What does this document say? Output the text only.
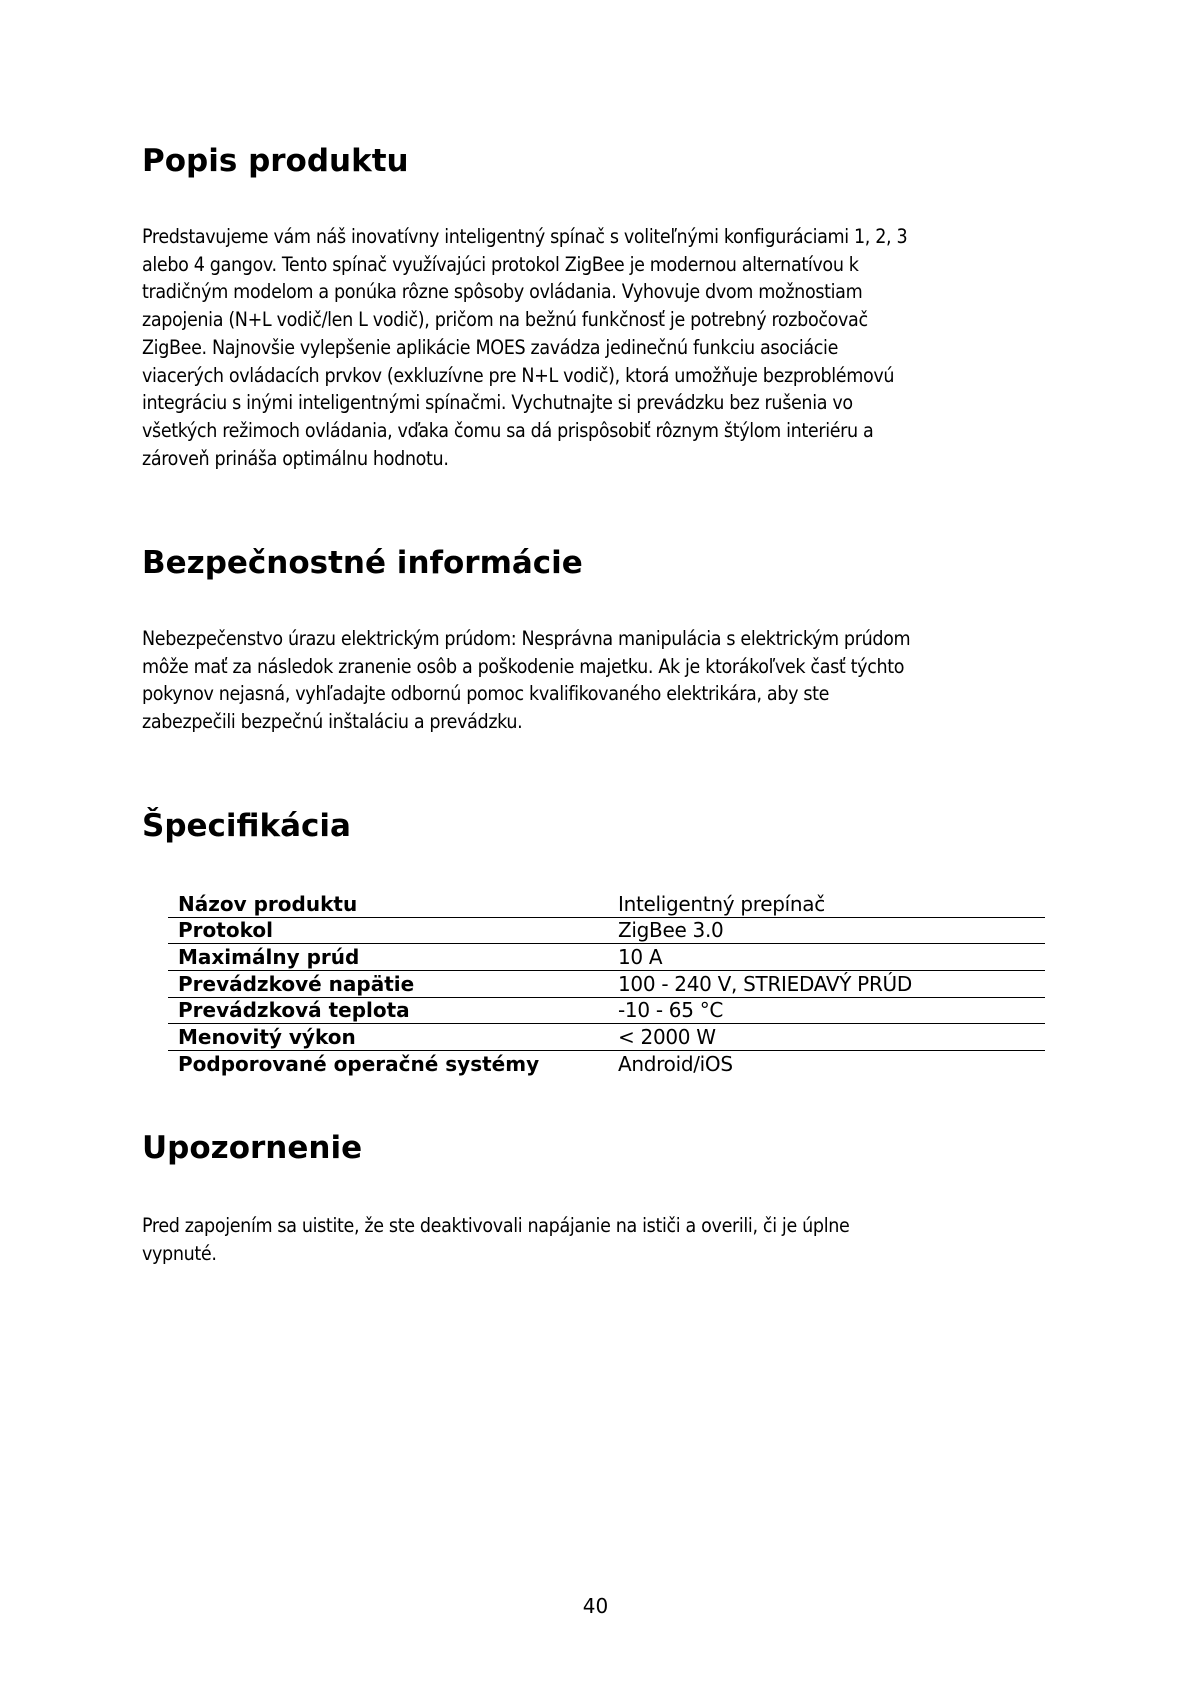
Popis produktu
Predstavujeme vám náš inovatívny inteligentný spínač s voliteľnými konfiguráciami 1, 2, 3
alebo 4 gangov. Tento spínač využívajúci protokol ZigBee je modernou alternatívou k
tradičným modelom a ponúka rôzne spôsoby ovládania. Vyhovuje dvom možnostiam
zapojenia (N+L vodič/len L vodič), pričom na bežnú funkčnosť je potrebný rozbočovač
ZigBee. Najnovšie vylepšenie aplikácie MOES zavádza jedinečnú funkciu asociácie
viacerých ovládacích prvkov (exkluzívne pre N+L vodič), ktorá umožňuje bezproblémovú
integráciu s inými inteligentnými spínačmi. Vychutnajte si prevádzku bez rušenia vo
všetkých režimoch ovládania, vďaka čomu sa dá prispôsobiť rôznym štýlom interiéru a
zároveň prináša optimálnu hodnotu.
Bezpečnostné informácie
Nebezpečenstvo úrazu elektrickým prúdom: Nesprávna manipulácia s elektrickým prúdom
môže mať za následok zranenie osôb a poškodenie majetku. Ak je ktorákoľvek časť týchto
pokynov nejasná, vyhľadajte odbornú pomoc kvalifikovaného elektrikára, aby ste
zabezpečili bezpečnú inštaláciu a prevádzku.
Špecifikácia
Názov produktu	Inteligentný prepínač
Protokol	ZigBee 3.0
Maximálny prúd	10 A
Prevádzkové napätie	100 - 240 V, STRIEDAVÝ PRÚD
Prevádzková teplota	-10 - 65 °C
Menovitý výkon	< 2000 W
Podporované operačné systémy	Android/iOS
Upozornenie
Pred zapojením sa uistite, že ste deaktivovali napájanie na ističi a overili, či je úplne
vypnuté.
40
